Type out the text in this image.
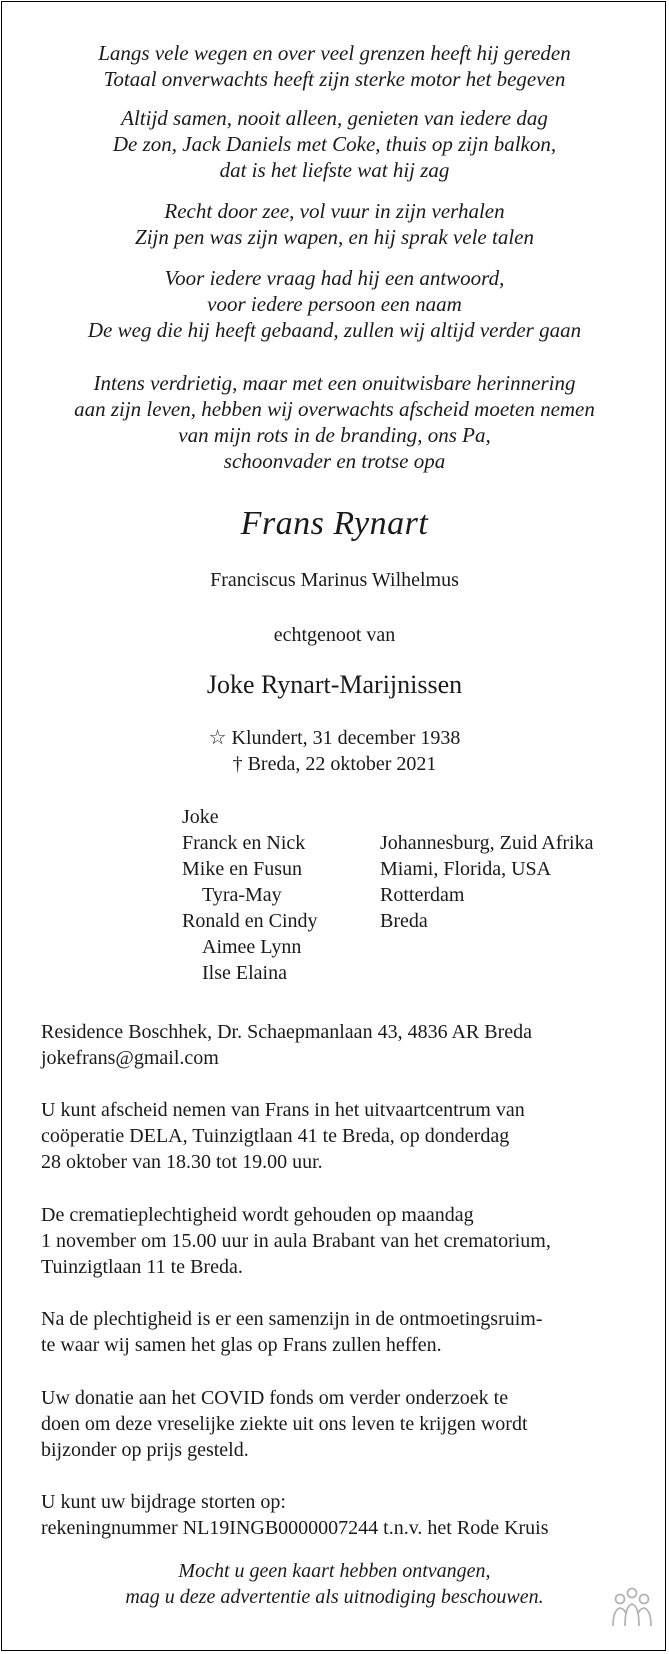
Langs vele wegen en over veel grenzen heeft hij gereden
Totaal onverwachts heeft zijn sterke motor het begeven
Altijd samen, nooit alleen, genieten van iedere dag
De zon, Jack Daniels met Coke, thuis op zijn balkon,
dat is het liefste wat hij zag
Recht door zee, vol vuur in zijn verhalen
Zijn pen was zijn wapen, en hij sprak vele talen
Voor iedere vraag had hij een antwoord,
voor iedere persoon een naam
De weg die hij heeft gebaand, zullen wij altijd verder gaan
Intens verdrietig, maar met een onuitwisbare herinnering
aan zijn leven, hebben wij overwachts afscheid moeten nemen
van mijn rots in de branding, ons Pa,
schoonvader en trotse opa
Frans Rynart
Franciscus Marinus Wilhelmus
echtgenoot van
Joke Rynart-Marijnissen
☆ Klundert, 31 december 1938
† Breda, 22 oktober 2021
Joke
Franck en Nick	Johannesburg, Zuid Afrika
Mike en Fusun	Miami, Florida, USA
Tyra-May	Rotterdam
Ronald en Cindy	Breda
Aimee Lynn
Ilse Elaina
Residence Boschhek, Dr. Schaepmanlaan 43, 4836 AR Breda
jokefrans@gmail.com
U kunt afscheid nemen van Frans in het uitvaartcentrum van
coöperatie DELA, Tuinzigtlaan 41 te Breda, op donderdag
28 oktober van 18.30 tot 19.00 uur.
De crematieplechtigheid wordt gehouden op maandag
1 november om 15.00 uur in aula Brabant van het crematorium,
Tuinzigtlaan 11 te Breda.
Na de plechtigheid is er een samenzijn in de ontmoetingsruim-
te waar wij samen het glas op Frans zullen heffen.
Uw donatie aan het COVID fonds om verder onderzoek te
doen om deze vreselijke ziekte uit ons leven te krijgen wordt
bijzonder op prijs gesteld.
U kunt uw bijdrage storten op:
rekeningnummer NL19INGB0000007244 t.n.v. het Rode Kruis
Mocht u geen kaart hebben ontvangen,
mag u deze advertentie als uitnodiging beschouwen.
